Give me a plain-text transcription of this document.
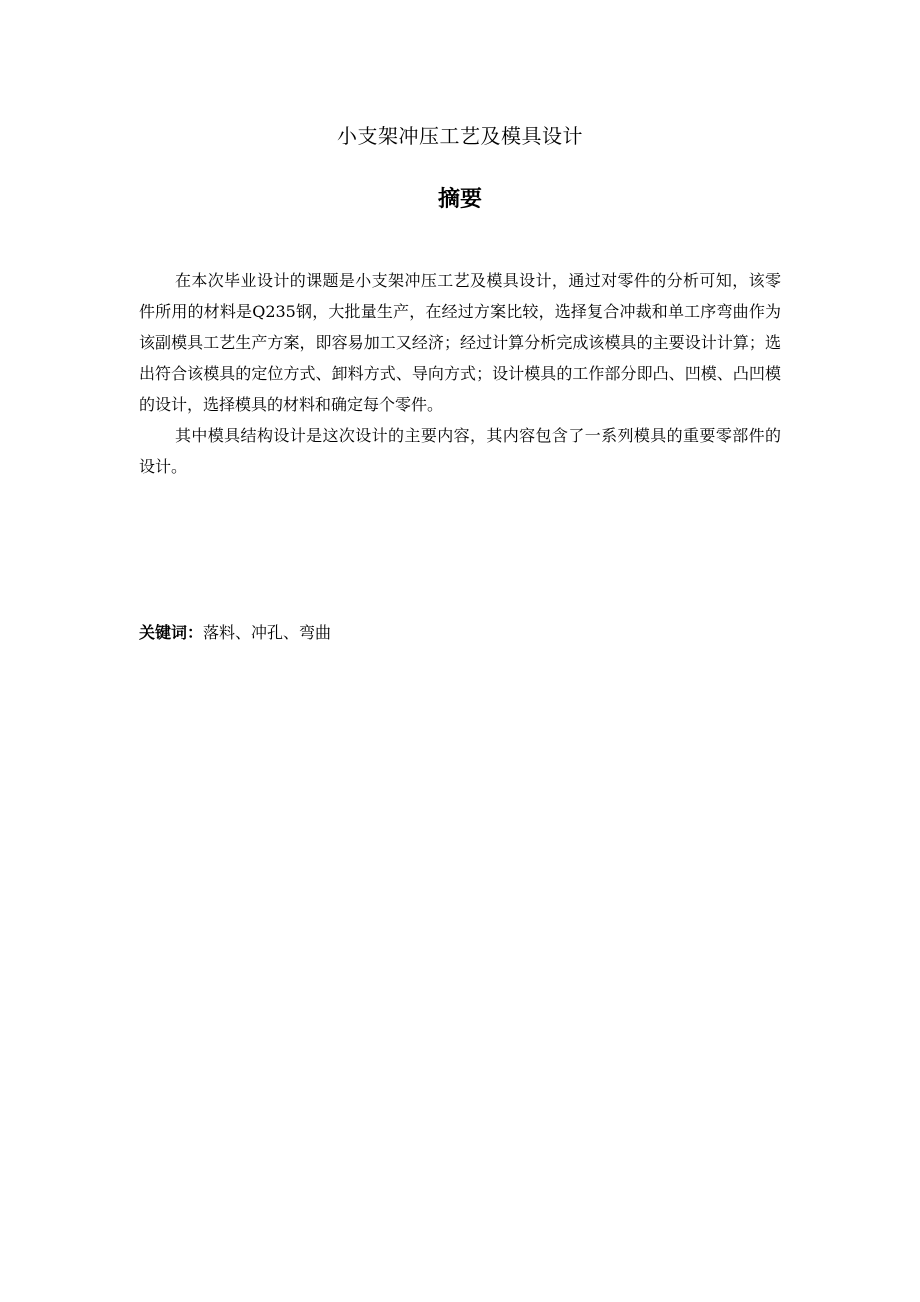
小支架冲压工艺及模具设计
摘要

在本次毕业设计的课题是小支架冲压工艺及模具设计，通过对零件的分析可知，该零件所用的材料是Q235钢，大批量生产，在经过方案比较，选择复合冲裁和单工序弯曲作为该副模具工艺生产方案，即容易加工又经济；经过计算分析完成该模具的主要设计计算；选出符合该模具的定位方式、卸料方式、导向方式；设计模具的工作部分即凸、凹模、凸凹模的设计，选择模具的材料和确定每个零件。

其中模具结构设计是这次设计的主要内容，其内容包含了一系列模具的重要零部件的设计。

关键词：落料、冲孔、弯曲
